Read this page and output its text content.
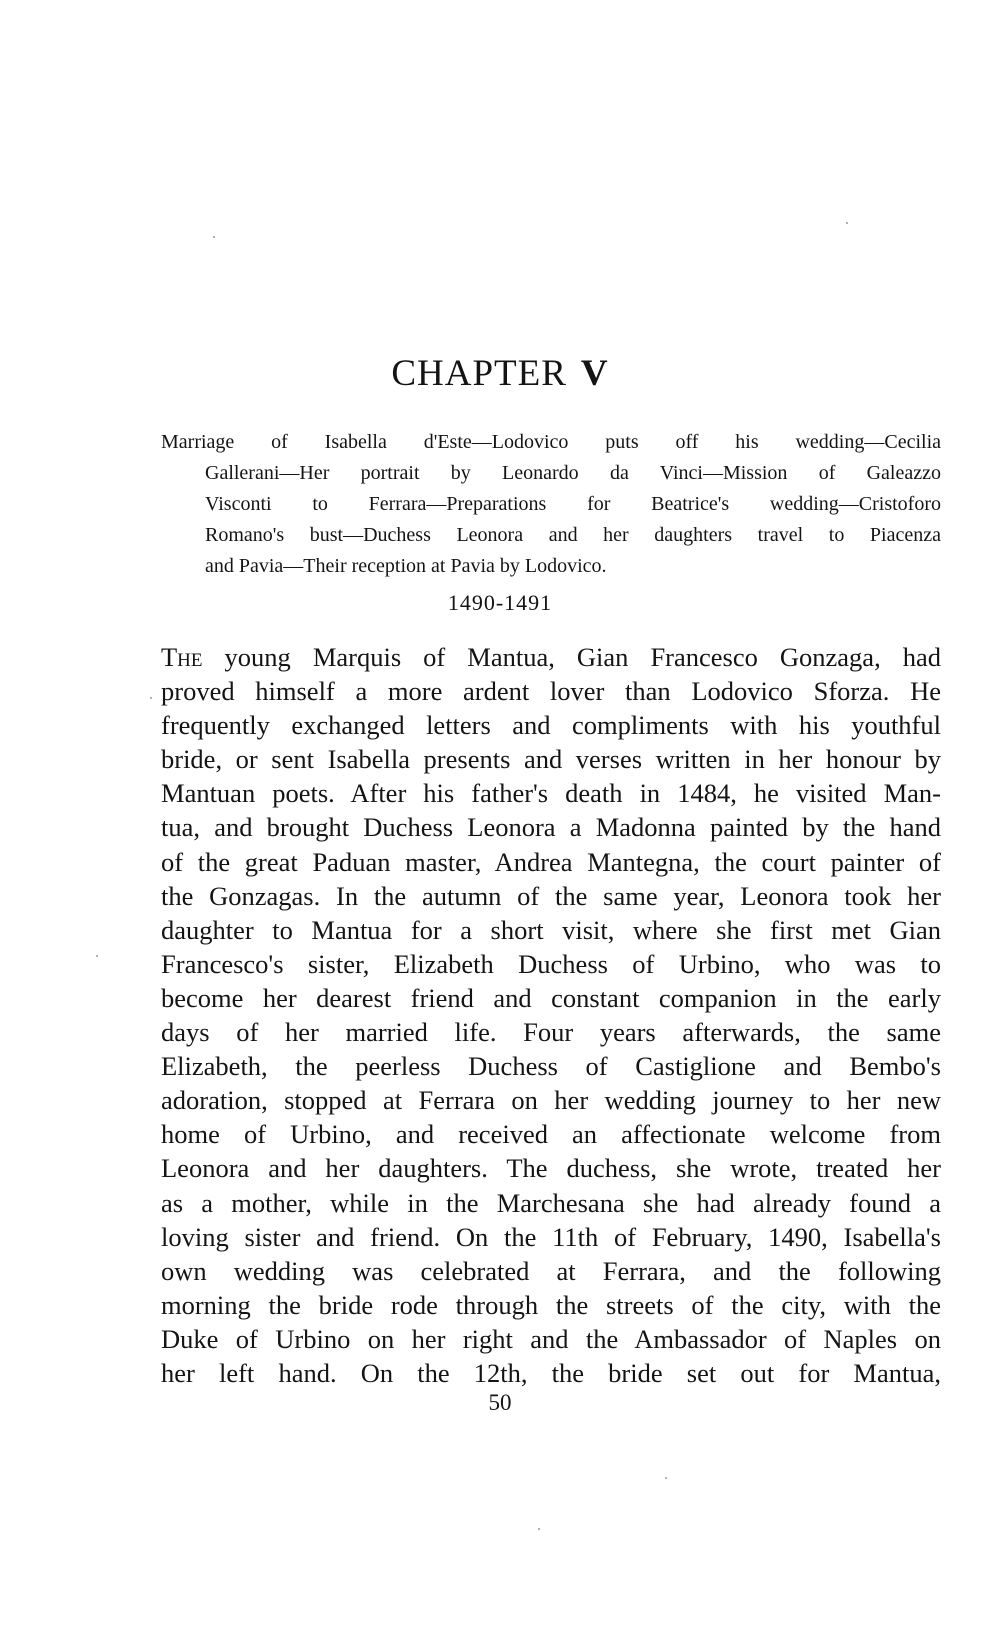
CHAPTER V
Marriage of Isabella d'Este—Lodovico puts off his wedding—Cecilia
Gallerani—Her portrait by Leonardo da Vinci—Mission of Galeazzo
Visconti to Ferrara—Preparations for Beatrice's wedding—Cristoforo
Romano's bust—Duchess Leonora and her daughters travel to Piacenza
and Pavia—Their reception at Pavia by Lodovico.
1490-1491
The young Marquis of Mantua, Gian Francesco Gonzaga, had
proved himself a more ardent lover than Lodovico Sforza. He
frequently exchanged letters and compliments with his youthful
bride, or sent Isabella presents and verses written in her honour by
Mantuan poets. After his father's death in 1484, he visited Man-
tua, and brought Duchess Leonora a Madonna painted by the hand
of the great Paduan master, Andrea Mantegna, the court painter of
the Gonzagas. In the autumn of the same year, Leonora took her
daughter to Mantua for a short visit, where she first met Gian
Francesco's sister, Elizabeth Duchess of Urbino, who was to
become her dearest friend and constant companion in the early
days of her married life. Four years afterwards, the same
Elizabeth, the peerless Duchess of Castiglione and Bembo's
adoration, stopped at Ferrara on her wedding journey to her new
home of Urbino, and received an affectionate welcome from
Leonora and her daughters. The duchess, she wrote, treated her
as a mother, while in the Marchesana she had already found a
loving sister and friend. On the 11th of February, 1490, Isabella's
own wedding was celebrated at Ferrara, and the following
morning the bride rode through the streets of the city, with the
Duke of Urbino on her right and the Ambassador of Naples on
her left hand. On the 12th, the bride set out for Mantua,
50
